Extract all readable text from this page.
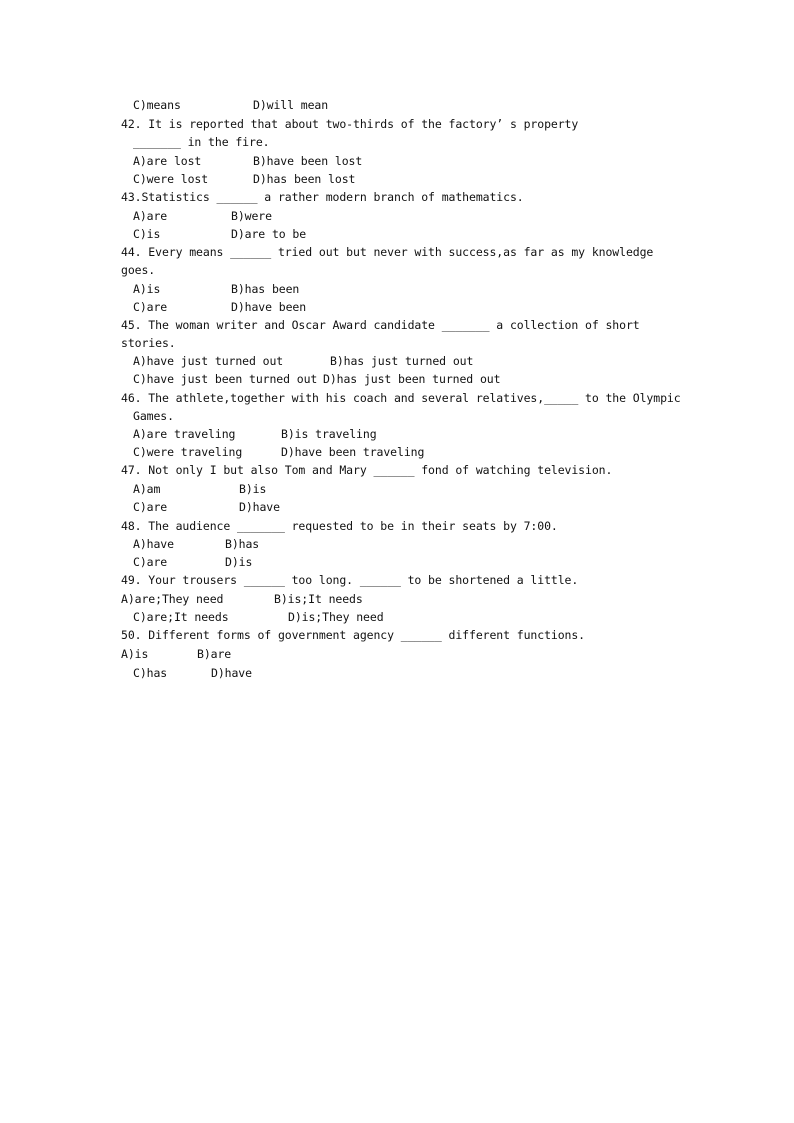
C)means	D)will mean
42. It is reported that about two-thirds of the factory’ s property
_______ in the fire.
A)are lost	B)have been lost
C)were lost	D)has been lost
43.Statistics ______ a rather modern branch of mathematics.
A)are	B)were
C)is	D)are to be
44. Every means ______ tried out but never with success,as far as my knowledge
goes.
A)is	B)has been
C)are	D)have been
45. The woman writer and Oscar Award candidate _______ a collection of short
stories.
A)have just turned out	B)has just turned out
C)have just been turned out D)has just been turned out
46. The athlete,together with his coach and several relatives,_____ to the Olympic
Games.
A)are traveling	B)is traveling
C)were traveling	D)have been traveling
47. Not only I but also Tom and Mary ______ fond of watching television.
A)am	B)is
C)are	D)have
48. The audience _______ requested to be in their seats by 7:00.
A)have	B)has
C)are	D)is
49. Your trousers ______ too long. ______ to be shortened a little.
A)are;They need	B)is;It needs
C)are;It needs	D)is;They need
50. Different forms of government agency ______ different functions.
A)is	B)are
C)has	D)have
